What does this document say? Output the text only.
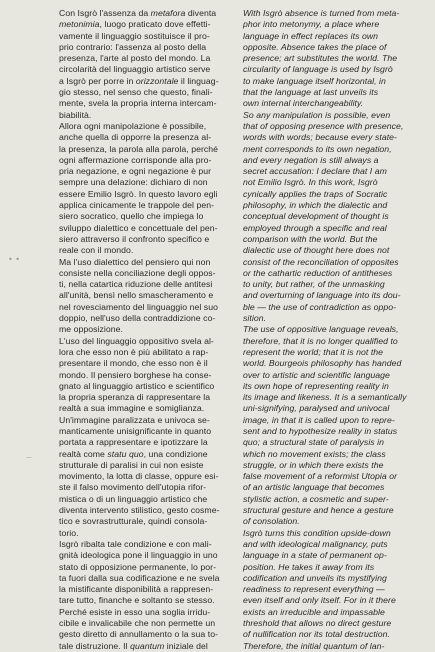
Con Isgrò l'assenza da metafora diventa
metonimia, luogo praticato dove effetti-
vamente il linguaggio sostituisce il pro-
prio contrario: l'assenza al posto della
presenza, l'arte al posto del mondo. La
circolarità del linguaggio artistico serve
a Isgrò per porre in orizzontale il linguag-
gio stesso, nel senso che questo, finali-
mente, svela la propria interna intercam-
biabilità.
Allora ogni manipolazione è possibile,
anche quella di opporre la presenza al-
la presenza, la parola alla parola, perché
ogni affermazione corrisponde alla pro-
pria negazione, e ogni negazione è pur
sempre una delazione: dichiaro di non
essere Emilio Isgrò. In questo lavoro egli
applica cinicamente le trappole del pen-
siero socratico, quello che impiega lo
sviluppo dialettico e concettuale del pen-
siero attraverso il confronto specifico e
reale con il mondo.
Ma l'uso dialettico del pensiero qui non
consiste nella conciliazione degli oppos-
ti, nella catartica riduzione delle antitesi
all'unità, bensì nello smascheramento e
nel rovesciamento del linguaggio nel suo
doppio, nell'uso della contraddizione co-
me opposizione.
L'uso del linguaggio oppositivo svela al-
lora che esso non è più abilitato a rap-
presentare il mondo, che esso non è il
mondo. Il pensiero borghese ha conse-
gnato al linguaggio artistico e scientifico
la propria speranza di rappresentare la
realtà a sua immagine e somiglianza.
Un'immagine paralizzata e univoca se-
manticamente unisignificante in quanto
portata a rappresentare e ipotizzare la
realtà come statu quo, una condizione
strutturale di paralisi in cui non esiste
movimento, la lotta di classe, oppure esi-
ste il falso movimento dell'utopia rifor-
mistica o di un linguaggio artistico che
diventa intervento stilistico, gesto cosme-
tico e sovrastrutturale, quindi consola-
torio.
Isgrò ribalta tale condizione e con mali-
gnità ideologica pone il linguaggio in uno
stato di opposizione permanente, lo por-
ta fuori dalla sua codificazione e ne svela
la mistificante disponibilità a rappresen-
tare tutto, finanche e soltanto se stesso.
Perché esiste in esso una soglia irridu-
cibile e invalicabile che non permette un
gesto diretto di annullamento o la sua to-
tale distruzione. Il quantum iniziale del
With Isgrò absence is turned from meta-
phor into metonymy, a place where
language in effect replaces its own
opposite. Absence takes the place of
presence; art substitutes the world. The
circularity of language is used by Isgrò
to make language itself horizontal, in
that the language at last unveils its
own internal interchangeability.
So any manipulation is possible, even
that of opposing presence with presence,
words with words; because every state-
ment corresponds to its own negation,
and every negation is still always a
secret accusation: I declare that I am
not Emilio Isgrò. In this work, Isgrò
cynically applies the traps of Socratic
philosophy, in which the dialectic and
conceptual development of thought is
employed through a specific and real
comparison with the world. But the
dialectic use of thought here does not
consist of the reconciliation of opposites
or the cathartic reduction of antitheses
to unity, but rather, of the unmasking
and overturning of language into its dou-
ble — the use of contradiction as oppo-
sition.
The use of oppositive language reveals,
therefore, that it is no longer qualified to
represent the world; that it is not the
world. Bourgeois philosophy has handed
over to artistic and scientific language
its own hope of representing reality in
its image and likeness. It is a semantically
uni-signifying, paralysed and univocal
image, in that it is called upon to repre-
sent and to hypothesize reality in status
quo; a structural state of paralysis in
which no movement exists; the class
struggle, or in which there exists the
false movement of a reformist Utopia or
of an artistic language that becomes
stylistic action, a cosmetic and super-
structural gesture and hence a gesture
of consolation.
Isgrò turns this condition upside-down
and with ideological malignancy, puts
language in a state of permanent op-
position. He takes it away from its
codification and unveils its mystifying
readiness to represent everything —
even itself and only itself. For in it there
exists an irreducible and impassable
threshold that allows no direct gesture
of nullification nor its total destruction.
Therefore, the initial quantum of lan-
• •
—
